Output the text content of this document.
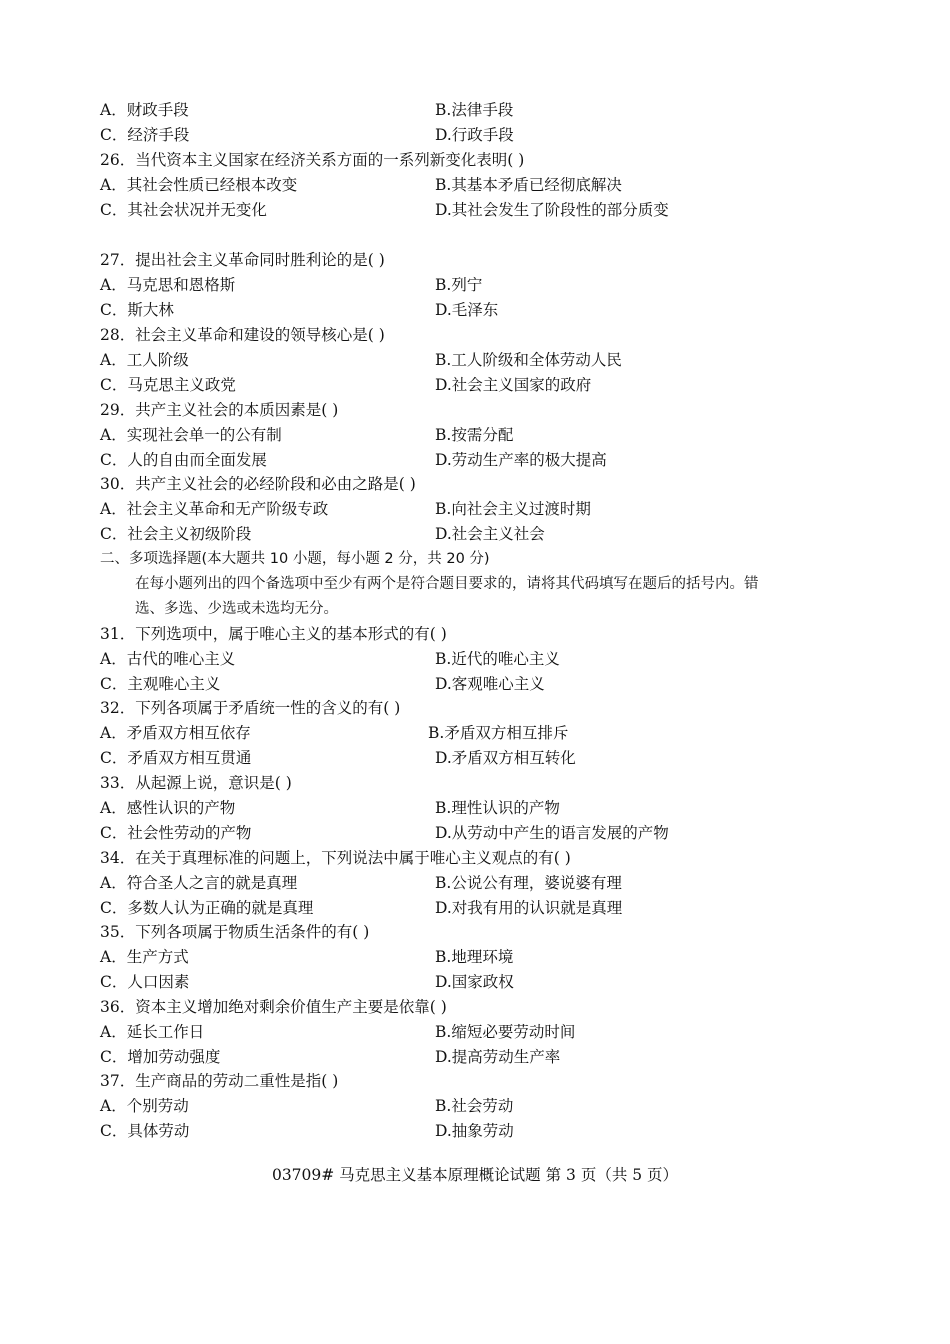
A．财政手段	B.法律手段
C．经济手段	D.行政手段
26．当代资本主义国家在经济关系方面的一系列新变化表明( )
A．其社会性质已经根本改变	B.其基本矛盾已经彻底解决
C．其社会状况并无变化	D.其社会发生了阶段性的部分质变
27．提出社会主义革命同时胜利论的是( )
A．马克思和恩格斯	B.列宁
C．斯大林	D.毛泽东
28．社会主义革命和建设的领导核心是( )
A．工人阶级	B.工人阶级和全体劳动人民
C．马克思主义政党	D.社会主义国家的政府
29．共产主义社会的本质因素是( )
A．实现社会单一的公有制	B.按需分配
C．人的自由而全面发展	D.劳动生产率的极大提高
30．共产主义社会的必经阶段和必由之路是( )
A．社会主义革命和无产阶级专政	B.向社会主义过渡时期
C．社会主义初级阶段	D.社会主义社会
二、多项选择题(本大题共 10 小题，每小题 2 分，共 20 分)
在每小题列出的四个备选项中至少有两个是符合题目要求的，请将其代码填写在题后的括号内。错
选、多选、少选或未选均无分。
31．下列选项中，属于唯心主义的基本形式的有( )
A．古代的唯心主义	B.近代的唯心主义
C．主观唯心主义	D.客观唯心主义
32．下列各项属于矛盾统一性的含义的有( )
A．矛盾双方相互依存	B.矛盾双方相互排斥
C．矛盾双方相互贯通	D.矛盾双方相互转化
33．从起源上说，意识是( )
A．感性认识的产物	B.理性认识的产物
C．社会性劳动的产物	D.从劳动中产生的语言发展的产物
34．在关于真理标准的问题上，下列说法中属于唯心主义观点的有( )
A．符合圣人之言的就是真理	B.公说公有理，婆说婆有理
C．多数人认为正确的就是真理	D.对我有用的认识就是真理
35．下列各项属于物质生活条件的有( )
A．生产方式	B.地理环境
C．人口因素	D.国家政权
36．资本主义增加绝对剩余价值生产主要是依靠( )
A．延长工作日	B.缩短必要劳动时间
C．增加劳动强度	D.提高劳动生产率
37．生产商品的劳动二重性是指( )
A．个别劳动	B.社会劳动
C．具体劳动	D.抽象劳动
03709# 马克思主义基本原理概论试题 第 3 页（共 5 页）
